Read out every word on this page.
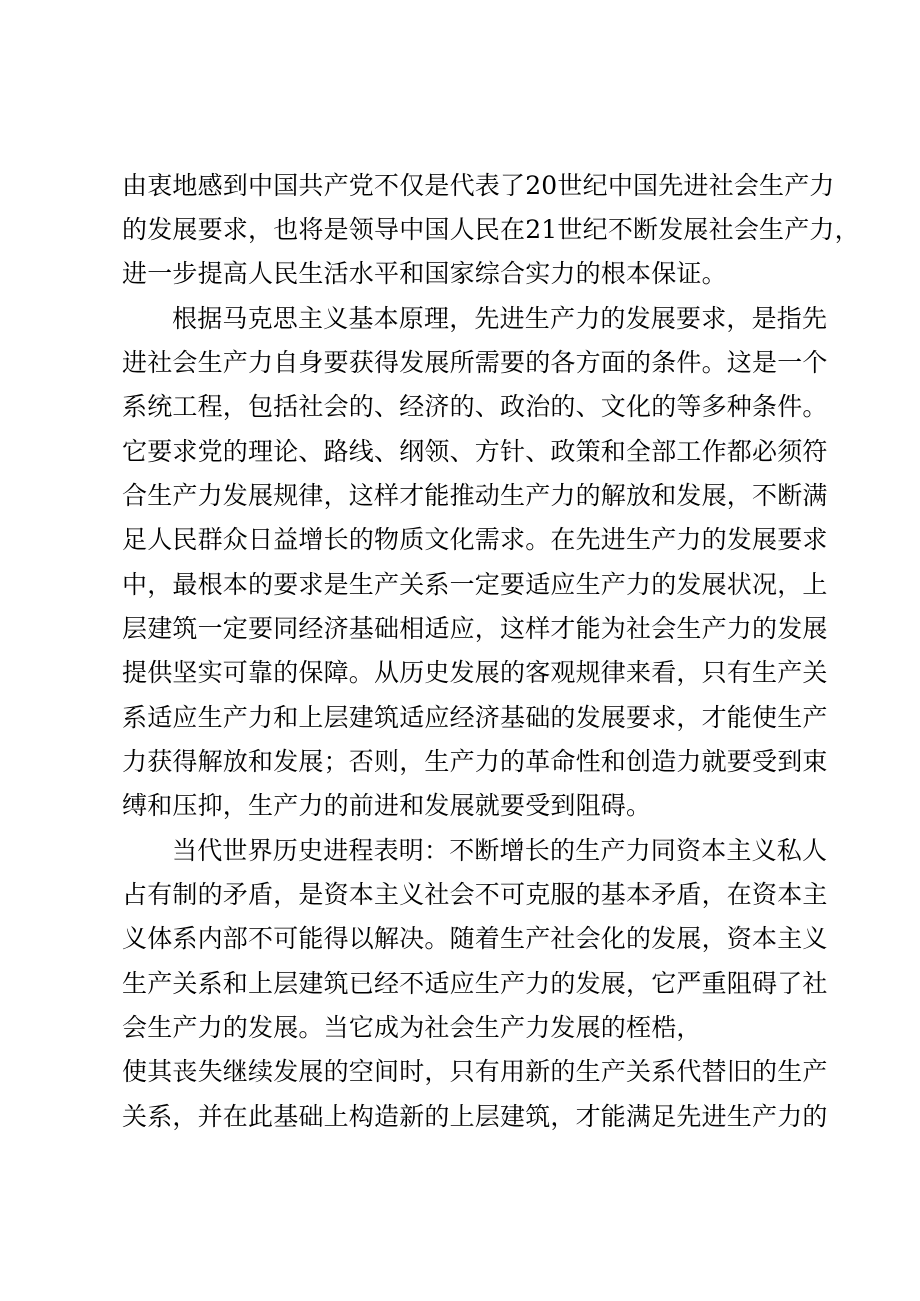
由衷地感到中国共产党不仅是代表了20世纪中国先进社会生产力
的发展要求，也将是领导中国人民在21世纪不断发展社会生产力，
进一步提高人民生活水平和国家综合实力的根本保证。
根据马克思主义基本原理，先进生产力的发展要求，是指先
进社会生产力自身要获得发展所需要的各方面的条件。这是一个
系统工程，包括社会的、经济的、政治的、文化的等多种条件。
它要求党的理论、路线、纲领、方针、政策和全部工作都必须符
合生产力发展规律，这样才能推动生产力的解放和发展，不断满
足人民群众日益增长的物质文化需求。在先进生产力的发展要求
中，最根本的要求是生产关系一定要适应生产力的发展状况，上
层建筑一定要同经济基础相适应，这样才能为社会生产力的发展
提供坚实可靠的保障。从历史发展的客观规律来看，只有生产关
系适应生产力和上层建筑适应经济基础的发展要求，才能使生产
力获得解放和发展；否则，生产力的革命性和创造力就要受到束
缚和压抑，生产力的前进和发展就要受到阻碍。
当代世界历史进程表明：不断增长的生产力同资本主义私人
占有制的矛盾，是资本主义社会不可克服的基本矛盾，在资本主
义体系内部不可能得以解决。随着生产社会化的发展，资本主义
生产关系和上层建筑已经不适应生产力的发展，它严重阻碍了社
会生产力的发展。当它成为社会生产力发展的桎梏，
使其丧失继续发展的空间时，只有用新的生产关系代替旧的生产
关系，并在此基础上构造新的上层建筑，才能满足先进生产力的
